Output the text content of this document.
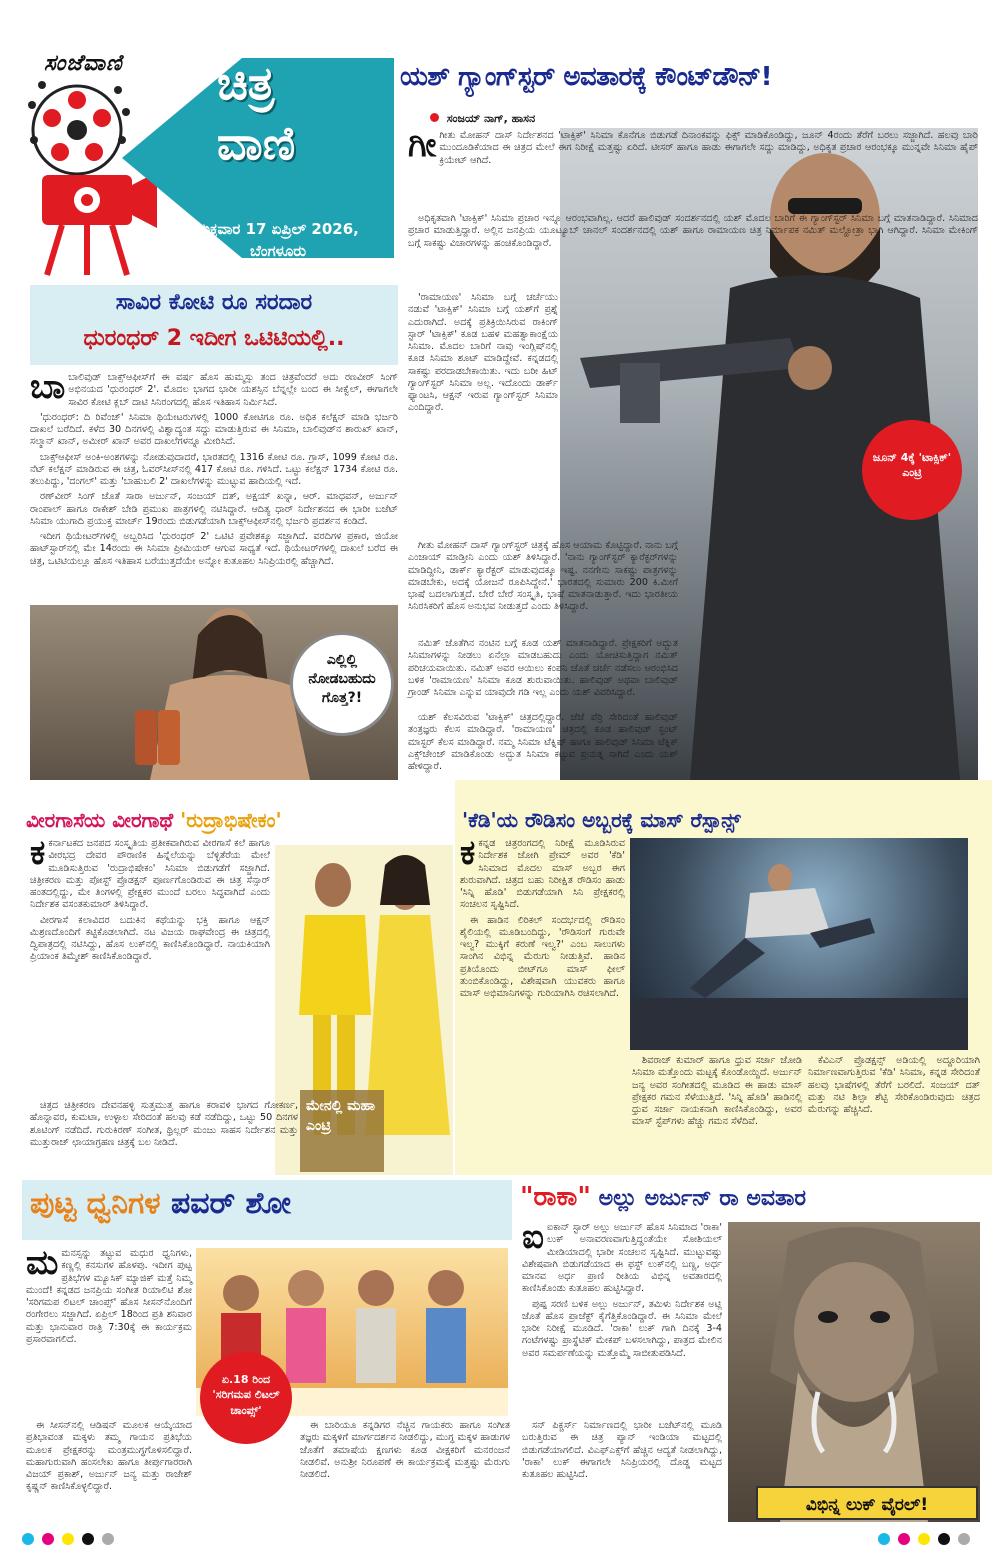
ಸಂಜೆವಾಣಿ ಚಿತ್ರ
ವಾಣಿ
ಶುಕ್ರವಾರ 17 ಏಪ್ರಿಲ್ 2026,
ಬೆಂಗಳೂರು
ಯಶ್ ಗ್ಯಾಂಗ್‌ಸ್ಟರ್ ಅವತಾರಕ್ಕೆ ಕೌಂಟ್‌ಡೌನ್!
ಸಂಜಯ್ ನಾಗ್, ಹಾಸನ
ಜೂನ್ 4ಕ್ಕೆ 'ಟಾಕ್ಸಿಕ್' ಎಂಟ್ರಿ

ಗೀಗೀತು ಮೋಹನ್ ದಾಸ್ ನಿರ್ದೇಶನದ 'ಟಾಕ್ಸಿಕ್' ಸಿನಿಮಾ ಕೊನೆಗೂ ಬಿಡುಗಡೆ ದಿನಾಂಕವನ್ನು ಫಿಕ್ಸ್ ಮಾಡಿಕೊಂಡಿದ್ದು, ಜೂನ್ 4ರಂದು ತೆರೆಗೆ ಬರಲು ಸಜ್ಜಾಗಿದೆ. ಹಲವು ಬಾರಿ ಮುಂದೂಡಿಕೆಯಾದ ಈ ಚಿತ್ರದ ಮೇಲೆ ಈಗ ನಿರೀಕ್ಷೆ ಮತ್ತಷ್ಟು ಏರಿದೆ. ಟೀಸರ್ ಹಾಗೂ ಹಾಡು ಈಗಾಗಲೇ ಸದ್ದು ಮಾಡಿದ್ದು, ಅಧಿಕೃತ ಪ್ರಚಾರ ಆರಂಭಕ್ಕೂ ಮುನ್ನವೇ ಸಿನಿಮಾ ಹೈಪ್ ಕ್ರಿಯೇಟ್ ಆಗಿದೆ.

ಅಧಿಕೃತವಾಗಿ 'ಟಾಕ್ಸಿಕ್' ಸಿನಿಮಾ ಪ್ರಚಾರ ಇನ್ನೂ ಆರಂಭವಾಗಿಲ್ಲ. ಆದರೆ ಹಾಲಿವುಡ್ ಸಂದರ್ಶನದಲ್ಲಿ ಯಶ್ ಮೊದಲ ಬಾರಿಗೆ ಈ ಗ್ಯಾಂಗ್‌ಸ್ಟರ್ ಸಿನಿಮಾ ಬಗ್ಗೆ ಮಾತನಾಡಿದ್ದಾರೆ. ಸಿನಿಮಾದ ಪ್ರಚಾರ ಮಾಡುತ್ತಿದ್ದಾರೆ. ಅಲ್ಲಿನ ಜನಪ್ರಿಯ ಯೂಟ್ಯೂಬ್ ಚಾನಲ್ ಸಂದರ್ಶನದಲ್ಲಿ ಯಶ್ ಹಾಗೂ ರಾಮಾಯಣ ಚಿತ್ರ ನಿರ್ಮಾಪಕ ನಮಿತ್ ಮಲ್ಹೋತ್ರಾ ಭಾಗಿ ಆಗಿದ್ದಾರೆ. ಸಿನಿಮಾ ಮೇಕಿಂಗ್ ಬಗ್ಗೆ ಸಾಕಷ್ಟು ವಿಚಾರಗಳನ್ನು ಹಂಚಿಕೊಂಡಿದ್ದಾರೆ.

'ರಾಮಾಯಣ' ಸಿನಿಮಾ ಬಗ್ಗೆ ಚರ್ಚೆಯು ನಡುವೆ 'ಟಾಕ್ಸಿಕ್' ಸಿನಿಮಾ ಬಗ್ಗೆ ಯಶ್‌ಗೆ ಪ್ರಶ್ನೆ ಎದುರಾಗಿದೆ. ಅದಕ್ಕೆ ಪ್ರತಿಕ್ರಿಯಿಸಿರುವ ರಾಕಿಂಗ್ ಸ್ಟಾರ್ 'ಟಾಕ್ಸಿಕ್' ಕೂಡ ಬಹಳ ಮಹತ್ವಾಕಾಂಕ್ಷೆಯ ಸಿನಿಮಾ. ಮೊದಲ ಬಾರಿಗೆ ನಾವು ಇಂಗ್ಲಿಷ್‌ನಲ್ಲಿ ಕೂಡ ಸಿನಿಮಾ ಶೂಟ್ ಮಾಡಿದ್ದೇವೆ. ಕನ್ನಡದಲ್ಲಿ ಸಾಕಷ್ಟು ಪರದಾಡಬೇಕಾಯಿತು. ಇದು ಬರೀ ಹಿಟ್ ಗ್ಯಾಂಗ್‌ಸ್ಟರ್ ಸಿನಿಮಾ ಅಲ್ಲ. ಇದೊಂದು ಡಾರ್ಕ್ ಫ್ಯಾಂಟಸಿ, ಆಕ್ಷನ್ ಇರುವ ಗ್ಯಾಂಗ್‌ಸ್ಟರ್ ಸಿನಿಮಾ ಎಂದಿದ್ದಾರೆ.

ಗೀತು ಮೋಹನ್ ದಾಸ್ ಗ್ಯಾಂಗ್‌ಸ್ಟರ್ ಚಿತ್ರಕ್ಕೆ ಹೊಸ ಆಯಾಮ ಕೊಟ್ಟಿದ್ದಾರೆ. ನಾನು ಬಗ್ಗೆ ಎಂಜಾಯ್ ಮಾಡ್ತೀನಿ ಎಂದು ಯಶ್ ತಿಳಿಸಿದ್ದಾರೆ. 'ನಾನು ಗ್ಯಾಂಗ್‌ಸ್ಟರ್ ಕ್ಯಾರೆಕ್ಟರ್‌ಗಳನ್ನು ಮಾಡಿದ್ದೀನಿ, ಡಾರ್ಕ್ ಕ್ಯಾರೆಕ್ಟರ್ ಮಾಡುವುದಕ್ಕೂ ಇಷ್ಟ. ನನಗೇನು ಸಾಕಷ್ಟು ಪಾತ್ರಗಳನ್ನು ಮಾಡಬೇಕು, ಅದಕ್ಕೆ ಯೋಜನೆ ರೂಪಿಸಿದ್ದೇನೆ.' ಭಾರತದಲ್ಲಿ ಸುಮಾರು 200 ಕಿ.ಮೀಗೆ ಭಾಷೆ ಬದಲಾಗುತ್ತದೆ. ಬೇರೆ ಬೇರೆ ಸಂಸ್ಕೃತಿ, ಭಾಷೆ ಮಾತನಾಡುತ್ತಾರೆ. ಇದು ಭಾರತೀಯ ಸಿನಿರಸಿಕರಿಗೆ ಹೊಸ ಅನುಭವ ನೀಡುತ್ತದೆ ಎಂದು ತಿಳಿಸಿದ್ದಾರೆ.

ನಮಿತ್ ಜೊತೆಗಿನ ನಂಟಿನ ಬಗ್ಗೆ ಕೂಡ ಯಶ್ ಮಾತನಾಡಿದ್ದಾರೆ. ಪ್ರೇಕ್ಷಕರಿಗೆ ಅದ್ಭುತ ಸಿನಿಮಾಗಳನ್ನು ನೀಡಲು ಏನೆಲ್ಲಾ ಮಾಡಬಹುದು ಎಂದು ಯೋಚಿಸುತ್ತಿದ್ದಾಗ ನಮಿತ್ ಪರಿಚಯವಾಯಿತು. ನಮಿತ್ ಅವರ ಆಯಿಲು ಕಂಪನಿ ಜೊತೆ ಚರ್ಚೆ ನಡೆಸಲು ಆರಂಭಿಸಿದ ಬಳಿಕ 'ರಾಮಾಯಣ' ಸಿನಿಮಾ ಕೂಡ ಶುರುವಾಯಿತು. ಹಾಲಿವುಡ್ ಅಥವಾ ಬಾಲಿವುಡ್ ಗ್ರಾಂಡ್ ಸಿನಿಮಾ ಎನ್ನುವ ಯಾವುದೇ ಗಡಿ ಇಲ್ಲ ಎಂದು ಯಶ್ ವಿವರಿಸಿದ್ದಾರೆ.

ಯಶ್ ಕೆಲಸವಿರುವ 'ಟಾಕ್ಸಿಕ್' ಚಿತ್ರದಲ್ಲಿದ್ದಾರೆ. ಜೆಜೆ ಪೆರ್ರಿ ಸೇರಿದಂತೆ ಹಾಲಿವುಡ್ ತಂತ್ರಜ್ಞರು ಕೆಲಸ ಮಾಡಿದ್ದಾರೆ. 'ರಾಮಾಯಣ' ಚಿತ್ರದಲ್ಲಿ ಕೂಡ ಹಾಲಿವುಡ್ ಸ್ಟಂಟ್ ಮಾಸ್ಟರ್ ಕೆಲಸ ಮಾಡಿದ್ದಾರೆ. ನಮ್ಮ ಸಿನಿಮಾ ಟೆಕ್ನಿಷ್ ಹಾಗೂ ಹಾಲಿವುಡ್ ಸಿನಿಮಾ ಟೆಕ್ನಿಕ್ ಎಕ್ಸ್‌ಚೇಂಜ್ ಮಾಡಿಕೊಂಡು ಅದ್ಭುತ ಸಿನಿಮಾ ಕಟ್ಟುವ ಪ್ರಯತ್ನ ಸಾಗಿದೆ ಎಂದು ಯಶ್ ಹೇಳಿದ್ದಾರೆ.

ಸಾವಿರ ಕೋಟಿ ರೂ ಸರದಾರ
ಧುರಂಧರ್ 2 ಇದೀಗ ಒಟಿಟಿಯಲ್ಲಿ..

ಬಾಬಾಲಿವುಡ್ ಬಾಕ್ಸ್‌ಆಫೀಸ್‌ಗೆ ಈ ವರ್ಷ ಹೊಸ ಹುಮ್ಮಸ್ಸು ತಂದ ಚಿತ್ರವೆಂದರೆ ಅದು ರಣವೀರ್ ಸಿಂಗ್ ಅಭಿನಯದ 'ಧುರಂಧರ್ 2'. ಮೊದಲ ಭಾಗದ ಭಾರೀ ಯಶಸ್ಸಿನ ಬೆನ್ನಲ್ಲೇ ಬಂದ ಈ ಸೀಕ್ವೆಲ್, ಈಗಾಗಲೇ ಸಾವಿರ ಕೋಟಿ ಕ್ಲಬ್ ದಾಟಿ ಸಿನಿರಂಗದಲ್ಲಿ ಹೊಸ ಇತಿಹಾಸ ನಿರ್ಮಿಸಿದೆ.

'ಧುರಂಧರ್: ದಿ ರಿವೆಂಜ್' ಸಿನಿಮಾ ಥಿಯೇಟರುಗಳಲ್ಲಿ 1000 ಕೋಟಿಗೂ ರೂ. ಅಧಿಕ ಕಲೆಕ್ಷನ್ ಮಾಡಿ ಭರ್ಜರಿ ದಾಖಲೆ ಬರೆದಿದೆ. ಕಳೆದ 30 ದಿನಗಳಲ್ಲಿ ವಿಶ್ವಾದ್ಯಂತ ಸದ್ದು ಮಾಡುತ್ತಿರುವ ಈ ಸಿನಿಮಾ, ಬಾಲಿವುಡ್‌ನ ಶಾರುಖ್ ಖಾನ್, ಸಲ್ಮಾನ್ ಖಾನ್, ಅಮೀರ್ ಖಾನ್ ಅವರ ದಾಖಲೆಗಳನ್ನೂ ಮೀರಿಸಿದೆ.

ಬಾಕ್ಸ್‌ಆಫೀಸ್ ಅಂಕಿ-ಅಂಶಗಳನ್ನು ನೋಡುವುದಾದರೆ, ಭಾರತದಲ್ಲಿ 1316 ಕೋಟಿ ರೂ. ಗ್ರಾಸ್, 1099 ಕೋಟಿ ರೂ. ನೆಟ್ ಕಲೆಕ್ಷನ್ ಮಾಡಿರುವ ಈ ಚಿತ್ರ, ಓವರ್‌ಸೀಸ್‌ನಲ್ಲಿ 417 ಕೋಟಿ ರೂ. ಗಳಿಸಿದೆ. ಒಟ್ಟು ಕಲೆಕ್ಷನ್ 1734 ಕೋಟಿ ರೂ. ತಲುಪಿದ್ದು, 'ದಂಗಲ್' ಮತ್ತು 'ಬಾಹುಬಲಿ 2' ದಾಖಲೆಗಳನ್ನು ಮುಟ್ಟುವ ಹಾದಿಯಲ್ಲಿ ಇದೆ.

ರಣ್‌ವೀರ್ ಸಿಂಗ್ ಜೊತೆ ಸಾರಾ ಅರ್ಜುನ್, ಸಂಜಯ್ ದತ್, ಅಕ್ಷಯ್ ಖನ್ನಾ, ಆರ್. ಮಾಧವನ್, ಅರ್ಜುನ್ ರಾಂಪಾಲ್ ಹಾಗೂ ರಾಕೇಶ್ ಬೇಡಿ ಪ್ರಮುಖ ಪಾತ್ರಗಳಲ್ಲಿ ನಟಿಸಿದ್ದಾರೆ. ಆದಿತ್ಯ ಧಾರ್ ನಿರ್ದೇಶನದ ಈ ಭಾರೀ ಬಜೆಟ್ ಸಿನಿಮಾ ಯುಗಾದಿ ಪ್ರಯುಕ್ತ ಮಾರ್ಚ್ 19ರಂದು ಬಿಡುಗಡೆಯಾಗಿ ಬಾಕ್ಸ್‌ಆಫೀಸ್‌ನಲ್ಲಿ ಭರ್ಜರಿ ಪ್ರದರ್ಶನ ಕಂಡಿದೆ.

ಇದೀಗ ಥಿಯೇಟರ್‌ಗಳಲ್ಲಿ ಅಬ್ಬರಿಸಿದ 'ಧುರಂಧರ್ 2' ಒಟಿಟಿ ಪ್ರವೇಶಕ್ಕೂ ಸಜ್ಜಾಗಿದೆ. ವರದಿಗಳ ಪ್ರಕಾರ, ಜಿಯೋ ಹಾಟ್‌ಸ್ಟಾರ್‌ನಲ್ಲಿ ಮೇ 14ರಂದು ಈ ಸಿನಿಮಾ ಪ್ರೀಮಿಯರ್ ಆಗುವ ಸಾಧ್ಯತೆ ಇದೆ. ಥಿಯೇಟರ್‌ಗಳಲ್ಲಿ ದಾಖಲೆ ಬರೆದ ಈ ಚಿತ್ರ, ಒಟಿಟಿಯಲ್ಲೂ ಹೊಸ ಇತಿಹಾಸ ಬರೆಯುತ್ತದೆಯೇ ಅನ್ನೋ ಕುತೂಹಲ ಸಿನಿಪ್ರಿಯರಲ್ಲಿ ಹೆಚ್ಚಾಗಿದೆ.

ಎಲ್ಲಿಲ್ಲಿ ನೋಡಬಹುದು ಗೊತ್ತ?!
ವೀರಗಾಸೆಯ ವೀರಗಾಥೆ 'ರುದ್ರಾಭಿಷೇಕಂ'
ಮೇನಲ್ಲಿ ಮಹಾ ಎಂಟ್ರಿ

ಕಕರ್ನಾಟಕದ ಜನಪದ ಸಂಸ್ಕೃತಿಯ ಪ್ರತೀಕವಾಗಿರುವ ವೀರಗಾಸೆ ಕಲೆ ಹಾಗೂ ವೀರಭದ್ರ ದೇವರ ಪೌರಾಣಿಕ ಹಿನ್ನೆಲೆಯನ್ನು ಬೆಳ್ಳಿತೆರೆಯ ಮೇಲೆ ಮೂಡಿಸುತ್ತಿರುವ 'ರುದ್ರಾಭಿಷೇಕಂ' ಸಿನಿಮಾ ಬಿಡುಗಡೆಗೆ ಸಜ್ಜಾಗಿದೆ. ಚಿತ್ರೀಕರಣ ಮತ್ತು ಪೋಸ್ಟ್ ಪ್ರೊಡಕ್ಷನ್ ಪೂರ್ಣಗೊಂಡಿರುವ ಈ ಚಿತ್ರ ಸೆನ್ಸಾರ್ ಹಂತದಲ್ಲಿದ್ದು, ಮೇ ತಿಂಗಳಲ್ಲಿ ಪ್ರೇಕ್ಷಕರ ಮುಂದೆ ಬರಲು ಸಿದ್ಧವಾಗಿದೆ ಎಂದು ನಿರ್ದೇಶಕ ವಸಂತಕುಮಾರ್ ತಿಳಿಸಿದ್ದಾರೆ.

ವೀರಗಾಸೆ ಕಲಾವಿದರ ಬದುಕಿನ ಕಥೆಯನ್ನು ಭಕ್ತಿ ಹಾಗೂ ಆಕ್ಷನ್ ಮಿಶ್ರಣದೊಂದಿಗೆ ಕಟ್ಟಿಕೊಡಲಾಗಿದೆ. ನಟ ವಿಜಯ ರಾಘವೇಂದ್ರ ಈ ಚಿತ್ರದಲ್ಲಿ ದ್ವಿಪಾತ್ರದಲ್ಲಿ ನಟಿಸಿದ್ದು, ಹೊಸ ಲುಕ್‌ನಲ್ಲಿ ಕಾಣಿಸಿಕೊಂಡಿದ್ದಾರೆ. ನಾಯಕಿಯಾಗಿ ಪ್ರಿಯಾಂಕ ತಿಮ್ಮೇಶ್ ಕಾಣಿಸಿಕೊಂಡಿದ್ದಾರೆ.

ಚಿತ್ರದ ಚಿತ್ರೀಕರಣ ದೇವನಹಳ್ಳಿ ಸುತ್ತಮುತ್ತ ಹಾಗೂ ಕರಾವಳಿ ಭಾಗದ ಗೋಕರ್ಣ, ಹೊನ್ನಾವರ, ಕುಮಟಾ, ಉಳ್ಳಾಲ ಸೇರಿದಂತೆ ಹಲವು ಕಡೆ ನಡೆದಿದ್ದು, ಒಟ್ಟು 50 ದಿನಗಳ ಶೂಟಿಂಗ್ ನಡೆದಿದೆ. ಗುರುಕಿರಣ್ ಸಂಗೀತ, ಥ್ರಿಲ್ಲರ್ ಮಂಜು ಸಾಹಸ ನಿರ್ದೇಶನ ಮತ್ತು ಮುತ್ತುರಾಜ್ ಛಾಯಾಗ್ರಹಣ ಚಿತ್ರಕ್ಕೆ ಬಲ ನೀಡಿದೆ.

'ಕೆಡಿ'ಯ ರೌಡಿಸಂ ಅಬ್ಬರಕ್ಕೆ ಮಾಸ್ ರೆಸ್ಪಾನ್ಸ್

ಕಕನ್ನಡ ಚಿತ್ರರಂಗದಲ್ಲಿ ನಿರೀಕ್ಷೆ ಮೂಡಿಸಿರುವ ನಿರ್ದೇಶಕ ಜೋಗಿ ಪ್ರೇಮ್ ಅವರ 'ಕೆಡಿ' ಸಿನಿಮಾದ ಮೊದಲ ಮಾಸ್ ಅಬ್ಬರ ಈಗ ಶುರುವಾಗಿದೆ. ಚಿತ್ರದ ಬಹು ನಿರೀಕ್ಷಿತ ರೌಡಿಸಂ ಹಾಡು 'ಸಿನ್ನಿ ಹೊಡಿ' ಬಿಡುಗಡೆಯಾಗಿ ಸಿನಿ ಪ್ರೇಕ್ಷಕರಲ್ಲಿ ಸಂಚಲನ ಸೃಷ್ಟಿಸಿದೆ.

ಈ ಹಾಡಿನ ಲಿರಿಕಲ್ ಸಂದರ್ಭದಲ್ಲಿ ರೌಡಿಸಂ ಶೈಲಿಯಲ್ಲಿ ಮೂಡಿಬಂದಿದ್ದು, 'ರೌಡಿಸಂಗೆ ಗುರುವೇ ಇಲ್ವ? ಮುಕ್ಕಿಗೆ ಕರುಣೆ ಇಲ್ವ?' ಎಂಬ ಸಾಲುಗಳು ಸಾಂಗಿನ ವಿಭಿನ್ನ ಮೆರುಗು ನೀಡುತ್ತಿವೆ. ಹಾಡಿನ ಪ್ರತಿಯೊಂದು ಬೀಟ್‌ಗೂ ಮಾಸ್ ಫೀಲ್ ತುಂಬಿಕೊಂಡಿದ್ದು, ವಿಶೇಷವಾಗಿ ಯುವಕರು ಹಾಗೂ ಮಾಸ್ ಅಭಿಮಾನಿಗಳನ್ನು ಗುರಿಯಾಗಿಸಿ ರಚಿಸಲಾಗಿದೆ.

ಶಿವರಾಜ್ ಕುಮಾರ್ ಹಾಗೂ ಧ್ರುವ ಸರ್ಜಾ ಜೋಡಿ ಸಿನಿಮಾ ಮತ್ತೊಂದು ಮಟ್ಟಕ್ಕೆ ಕೊಂಡೊಯ್ದಿದೆ. ಅರ್ಜುನ್ ಜನ್ಯ ಅವರ ಸಂಗೀತದಲ್ಲಿ ಮೂಡಿದ ಈ ಹಾಡು ಮಾಸ್ ಪ್ರೇಕ್ಷಕರ ಗಮನ ಸೆಳೆಯುತ್ತಿದೆ. 'ಸಿನ್ನಿ ಹೊಡಿ' ಹಾಡಿನಲ್ಲಿ ಧ್ರುವ ಸರ್ಜಾ ನಾಯಕನಾಗಿ ಕಾಣಿಸಿಕೊಂಡಿದ್ದು, ಅವರ ಮಾಸ್ ಸ್ಟೆಪ್‌ಗಳು ಹೆಚ್ಚು ಗಮನ ಸೆಳೆದಿವೆ.

ಕೆವಿಎನ್ ಪ್ರೊಡಕ್ಷನ್ಸ್ ಅಡಿಯಲ್ಲಿ ಅದ್ದೂರಿಯಾಗಿ ನಿರ್ಮಾಣವಾಗುತ್ತಿರುವ 'ಕೆಡಿ' ಸಿನಿಮಾ, ಕನ್ನಡ ಸೇರಿದಂತೆ ಹಲವು ಭಾಷೆಗಳಲ್ಲಿ ತೆರೆಗೆ ಬರಲಿದೆ. ಸಂಜಯ್ ದತ್ ಮತ್ತು ನಟಿ ಶಿಲ್ಪಾ ಶೆಟ್ಟಿ ಸೇರಿಕೊಂಡಿರುವುದು ಚಿತ್ರದ ಮೆರುಗನ್ನು ಹೆಚ್ಚಿಸಿದೆ.

ಪುಟ್ಟ ಧ್ವನಿಗಳ ಪವರ್ ಶೋ
ಏ.18 ರಿಂದ 'ಸರಿಗಮಪ ಲಿಟಲ್ ಚಾಂಪ್ಸ್'

ಮಮನಸ್ಸನ್ನು ತಟ್ಟುವ ಮಧುರ ಧ್ವನಿಗಳು, ಕಣ್ಣಲ್ಲಿ ಕನಸುಗಳ ಹೊಳಪು. ಇದೀಗ ಪುಟ್ಟ ಪ್ರತಿಭೆಗಳ ಮ್ಯೂಸಿಕ್ ಮ್ಯಾಜಿಕ್ ಮತ್ತೆ ನಿಮ್ಮ ಮುಂದೆ! ಕನ್ನಡದ ಜನಪ್ರಿಯ ಸಂಗೀತ ರಿಯಾಲಿಟಿ ಶೋ 'ಸರಿಗಮಪ ಲಿಟಲ್ ಚಾಂಪ್ಸ್' ಹೊಸ ಸೀಸನ್‌ನೊಂದಿಗೆ ರಂಗೇರಲು ಸಜ್ಜಾಗಿದೆ. ಏಪ್ರಿಲ್ 18ರಿಂದ ಪ್ರತಿ ಶನಿವಾರ ಮತ್ತು ಭಾನುವಾರ ರಾತ್ರಿ 7:30ಕ್ಕೆ ಈ ಕಾರ್ಯಕ್ರಮ ಪ್ರಸಾರವಾಗಲಿದೆ.

ಈ ಸೀಸನ್‌ನಲ್ಲಿ ಆಡಿಷನ್ ಮೂಲಕ ಆಯ್ಕೆಯಾದ ಪ್ರತಿಭಾವಂತ ಮಕ್ಕಳು ತಮ್ಮ ಗಾಯನ ಪ್ರತಿಭೆಯ ಮೂಲಕ ಪ್ರೇಕ್ಷಕರನ್ನು ಮಂತ್ರಮುಗ್ಧಗೊಳಿಸಲಿದ್ದಾರೆ. ಮಹಾಗುರುವಾಗಿ ಹಂಸಲೇಖ ಹಾಗೂ ತೀರ್ಪುಗಾರರಾಗಿ ವಿಜಯ್ ಪ್ರಕಾಶ್, ಅರ್ಜುನ್ ಜನ್ಯ ಮತ್ತು ರಾಜೇಶ್ ಕೃಷ್ಣನ್ ಕಾಣಿಸಿಕೊಳ್ಳಲಿದ್ದಾರೆ.

ಈ ಬಾರಿಯೂ ಕನ್ನಡಿಗರ ನೆಚ್ಚಿನ ಗಾಯಕರು ಹಾಗೂ ಸಂಗೀತ ತಜ್ಞರು ಮಕ್ಕಳಿಗೆ ಮಾರ್ಗದರ್ಶನ ನೀಡಲಿದ್ದು, ಮುಗ್ಧ ಮಕ್ಕಳ ಹಾಡುಗಳ ಜೊತೆಗೆ ತಮಾಷೆಯ ಕ್ಷಣಗಳು ಕೂಡ ವೀಕ್ಷಕರಿಗೆ ಮನರಂಜನೆ ನೀಡಲಿವೆ. ಅನುಶ್ರೀ ನಿರೂಪಣೆ ಈ ಕಾರ್ಯಕ್ರಮಕ್ಕೆ ಮತ್ತಷ್ಟು ಮೆರುಗು ನೀಡಲಿದೆ.

"ರಾಕಾ" ಅಲ್ಲು ಅರ್ಜುನ್ ರಾ ಅವತಾರ
ವಿಭಿನ್ನ ಲುಕ್ ವೈರಲ್!

ಐಐಕಾನ್ ಸ್ಟಾರ್ ಅಲ್ಲು ಅರ್ಜುನ್ ಹೊಸ ಸಿನಿಮಾದ 'ರಾಕಾ' ಲುಕ್ ಅನಾವರಣವಾಗುತ್ತಿದ್ದಂತೆಯೇ ಸೋಶಿಯಲ್ ಮೀಡಿಯಾದಲ್ಲಿ ಭಾರೀ ಸಂಚಲನ ಸೃಷ್ಟಿಸಿದೆ. ಮುಟ್ಟುವಷ್ಟು ವಿಶೇಷವಾಗಿ ಬಿಡುಗಡೆಯಾದ ಈ ಫಸ್ಟ್ ಲುಕ್‌ನಲ್ಲಿ ಬಣ್ಣ, ಅರ್ಧ ಮಾನವ ಅರ್ಧ ಪ್ರಾಣಿ ರೀತಿಯ ವಿಭಿನ್ನ ಅವತಾರದಲ್ಲಿ ಕಾಣಿಸಿಕೊಂಡು ಕುತೂಹಲ ಹುಟ್ಟಿಸಿದ್ದಾರೆ.

ಪುಷ್ಪ ಸರಣಿ ಬಳಿಕ ಅಲ್ಲು ಅರ್ಜುನ್, ತಮಿಳು ನಿರ್ದೇಶಕ ಅಟ್ಲಿ ಜೊತೆ ಹೊಸ ಪ್ರಾಜೆಕ್ಟ್ ಕೈಗೆತ್ತಿಕೊಂಡಿದ್ದಾರೆ. ಈ ಸಿನಿಮಾ ಮೇಲೆ ಭಾರೀ ನಿರೀಕ್ಷೆ ಮೂಡಿದೆ. 'ರಾಕಾ' ಲುಕ್ ಗಾಗಿ ದಿನಕ್ಕೆ 3-4 ಗಂಟೆಗಳಷ್ಟು ಪ್ರಾಸ್ಥೆಟಿಕ್ ಮೇಕಪ್ ಬಳಸಲಾಗಿದ್ದು, ಪಾತ್ರದ ಮೇಲಿನ ಅವರ ಸಮರ್ಪಣೆಯನ್ನು ಮತ್ತೊಮ್ಮೆ ಸಾಬೀತುಪಡಿಸಿದೆ.

ಸನ್ ಪಿಕ್ಚರ್ಸ್ ನಿರ್ಮಾಣದಲ್ಲಿ ಭಾರೀ ಬಜೆಟ್‌ನಲ್ಲಿ ಮೂಡಿ ಬರುತ್ತಿರುವ ಈ ಚಿತ್ರ ಪ್ಯಾನ್ ಇಂಡಿಯಾ ಮಟ್ಟದಲ್ಲಿ ಬಿಡುಗಡೆಯಾಗಲಿದೆ. ವಿಎಫ್‌ಎಕ್ಸ್‌ಗೆ ಹೆಚ್ಚಿನ ಆದ್ಯತೆ ನೀಡಲಾಗಿದ್ದು, 'ರಾಕಾ' ಲುಕ್ ಈಗಾಗಲೇ ಸಿನಿಪ್ರಿಯರಲ್ಲಿ ದೊಡ್ಡ ಮಟ್ಟದ ಕುತೂಹಲ ಹುಟ್ಟಿಸಿದೆ.
